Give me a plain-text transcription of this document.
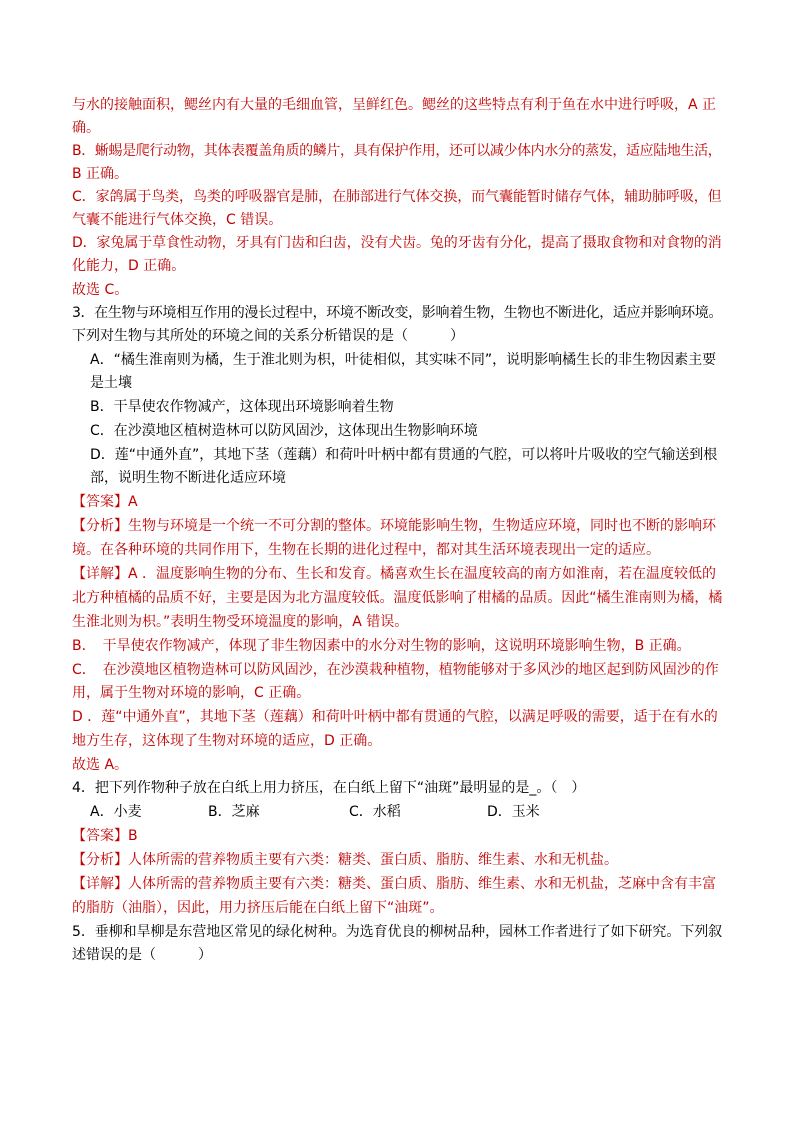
与水的接触面积，鳃丝内有大量的毛细血管，呈鲜红色。鳃丝的这些特点有利于鱼在水中进行呼吸，A 正
确。
B．蜥蜴是爬行动物，其体表覆盖角质的鳞片，具有保护作用，还可以减少体内水分的蒸发，适应陆地生活，
B 正确。
C．家鸽属于鸟类，鸟类的呼吸器官是肺，在肺部进行气体交换，而气囊能暂时储存气体，辅助肺呼吸，但
气囊不能进行气体交换，C 错误。
D．家兔属于草食性动物，牙具有门齿和臼齿，没有犬齿。兔的牙齿有分化，提高了摄取食物和对食物的消
化能力，D 正确。
故选 C。
3．在生物与环境相互作用的漫长过程中，环境不断改变，影响着生物，生物也不断进化，适应并影响环境。
下列对生物与其所处的环境之间的关系分析错误的是（　　　）
A．“橘生淮南则为橘，生于淮北则为枳，叶徒相似，其实味不同”，说明影响橘生长的非生物因素主要
是土壤
B．干旱使农作物减产，这体现出环境影响着生物
C．在沙漠地区植树造林可以防风固沙，这体现出生物影响环境
D．莲“中通外直”，其地下茎（莲藕）和荷叶叶柄中都有贯通的气腔，可以将叶片吸收的空气输送到根
部，说明生物不断进化适应环境
【答案】A
【分析】生物与环境是一个统一不可分割的整体。环境能影响生物，生物适应环境，同时也不断的影响环
境。在各种环境的共同作用下，生物在长期的进化过程中，都对其生活环境表现出一定的适应。
【详解】A ．温度影响生物的分布、生长和发育。橘喜欢生长在温度较高的南方如淮南，若在温度较低的
北方种植橘的品质不好，主要是因为北方温度较低。温度低影响了柑橘的品质。因此“橘生淮南则为橘，橘
生淮北则为枳。”表明生物受环境温度的影响，A 错误。
B．　干旱使农作物减产，体现了非生物因素中的水分对生物的影响，这说明环境影响生物，B 正确。
C．　在沙漠地区植物造林可以防风固沙，在沙漠栽种植物，植物能够对于多风沙的地区起到防风固沙的作
用，属于生物对环境的影响，C 正确。
D ．莲“中通外直”，其地下茎（莲藕）和荷叶叶柄中都有贯通的气腔，以满足呼吸的需要，适于在有水的
地方生存，这体现了生物对环境的适应，D 正确。
故选 A。
4．把下列作物种子放在白纸上用力挤压，在白纸上留下“油斑”最明显的是_。（　）
A．小麦	B．芝麻	C．水稻	D．玉米
【答案】B
【分析】人体所需的营养物质主要有六类：糖类、蛋白质、脂肪、维生素、水和无机盐。
【详解】人体所需的营养物质主要有六类：糖类、蛋白质、脂肪、维生素、水和无机盐，芝麻中含有丰富
的脂肪（油脂），因此，用力挤压后能在白纸上留下“油斑”。
5．垂柳和旱柳是东营地区常见的绿化树种。为选育优良的柳树品种，园林工作者进行了如下研究。下列叙
述错误的是（　　　）
